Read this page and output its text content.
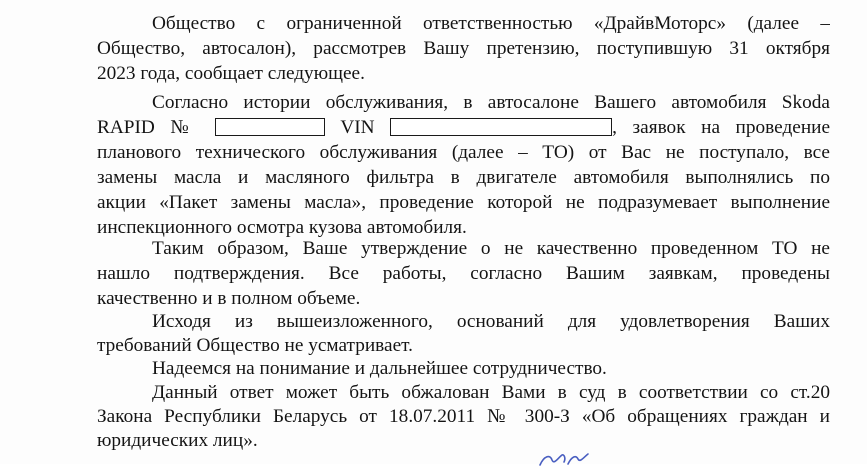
Общество с ограниченной ответственностью «ДрайвМоторс» (далее –
Общество, автосалон), рассмотрев Вашу претензию, поступившую 31 октября
2023 года, сообщает следующее.
Согласно истории обслуживания, в автосалоне Вашего автомобиля Skoda
RAPID №	VIN	, заявок на проведение
планового технического обслуживания (далее – ТО) от Вас не поступало, все
замены масла и масляного фильтра в двигателе автомобиля выполнялись по
акции «Пакет замены масла», проведение которой не подразумевает выполнение
инспекционного осмотра кузова автомобиля.
Таким образом, Ваше утверждение о не качественно проведенном ТО не
нашло подтверждения. Все работы, согласно Вашим заявкам, проведены
качественно и в полном объеме.
Исходя из вышеизложенного, оснований для удовлетворения Ваших
требований Общество не усматривает.
Надеемся на понимание и дальнейшее сотрудничество.
Данный ответ может быть обжалован Вами в суд в соответствии со ст.20
Закона Республики Беларусь от 18.07.2011 № 300-З «Об обращениях граждан и
юридических лиц».
